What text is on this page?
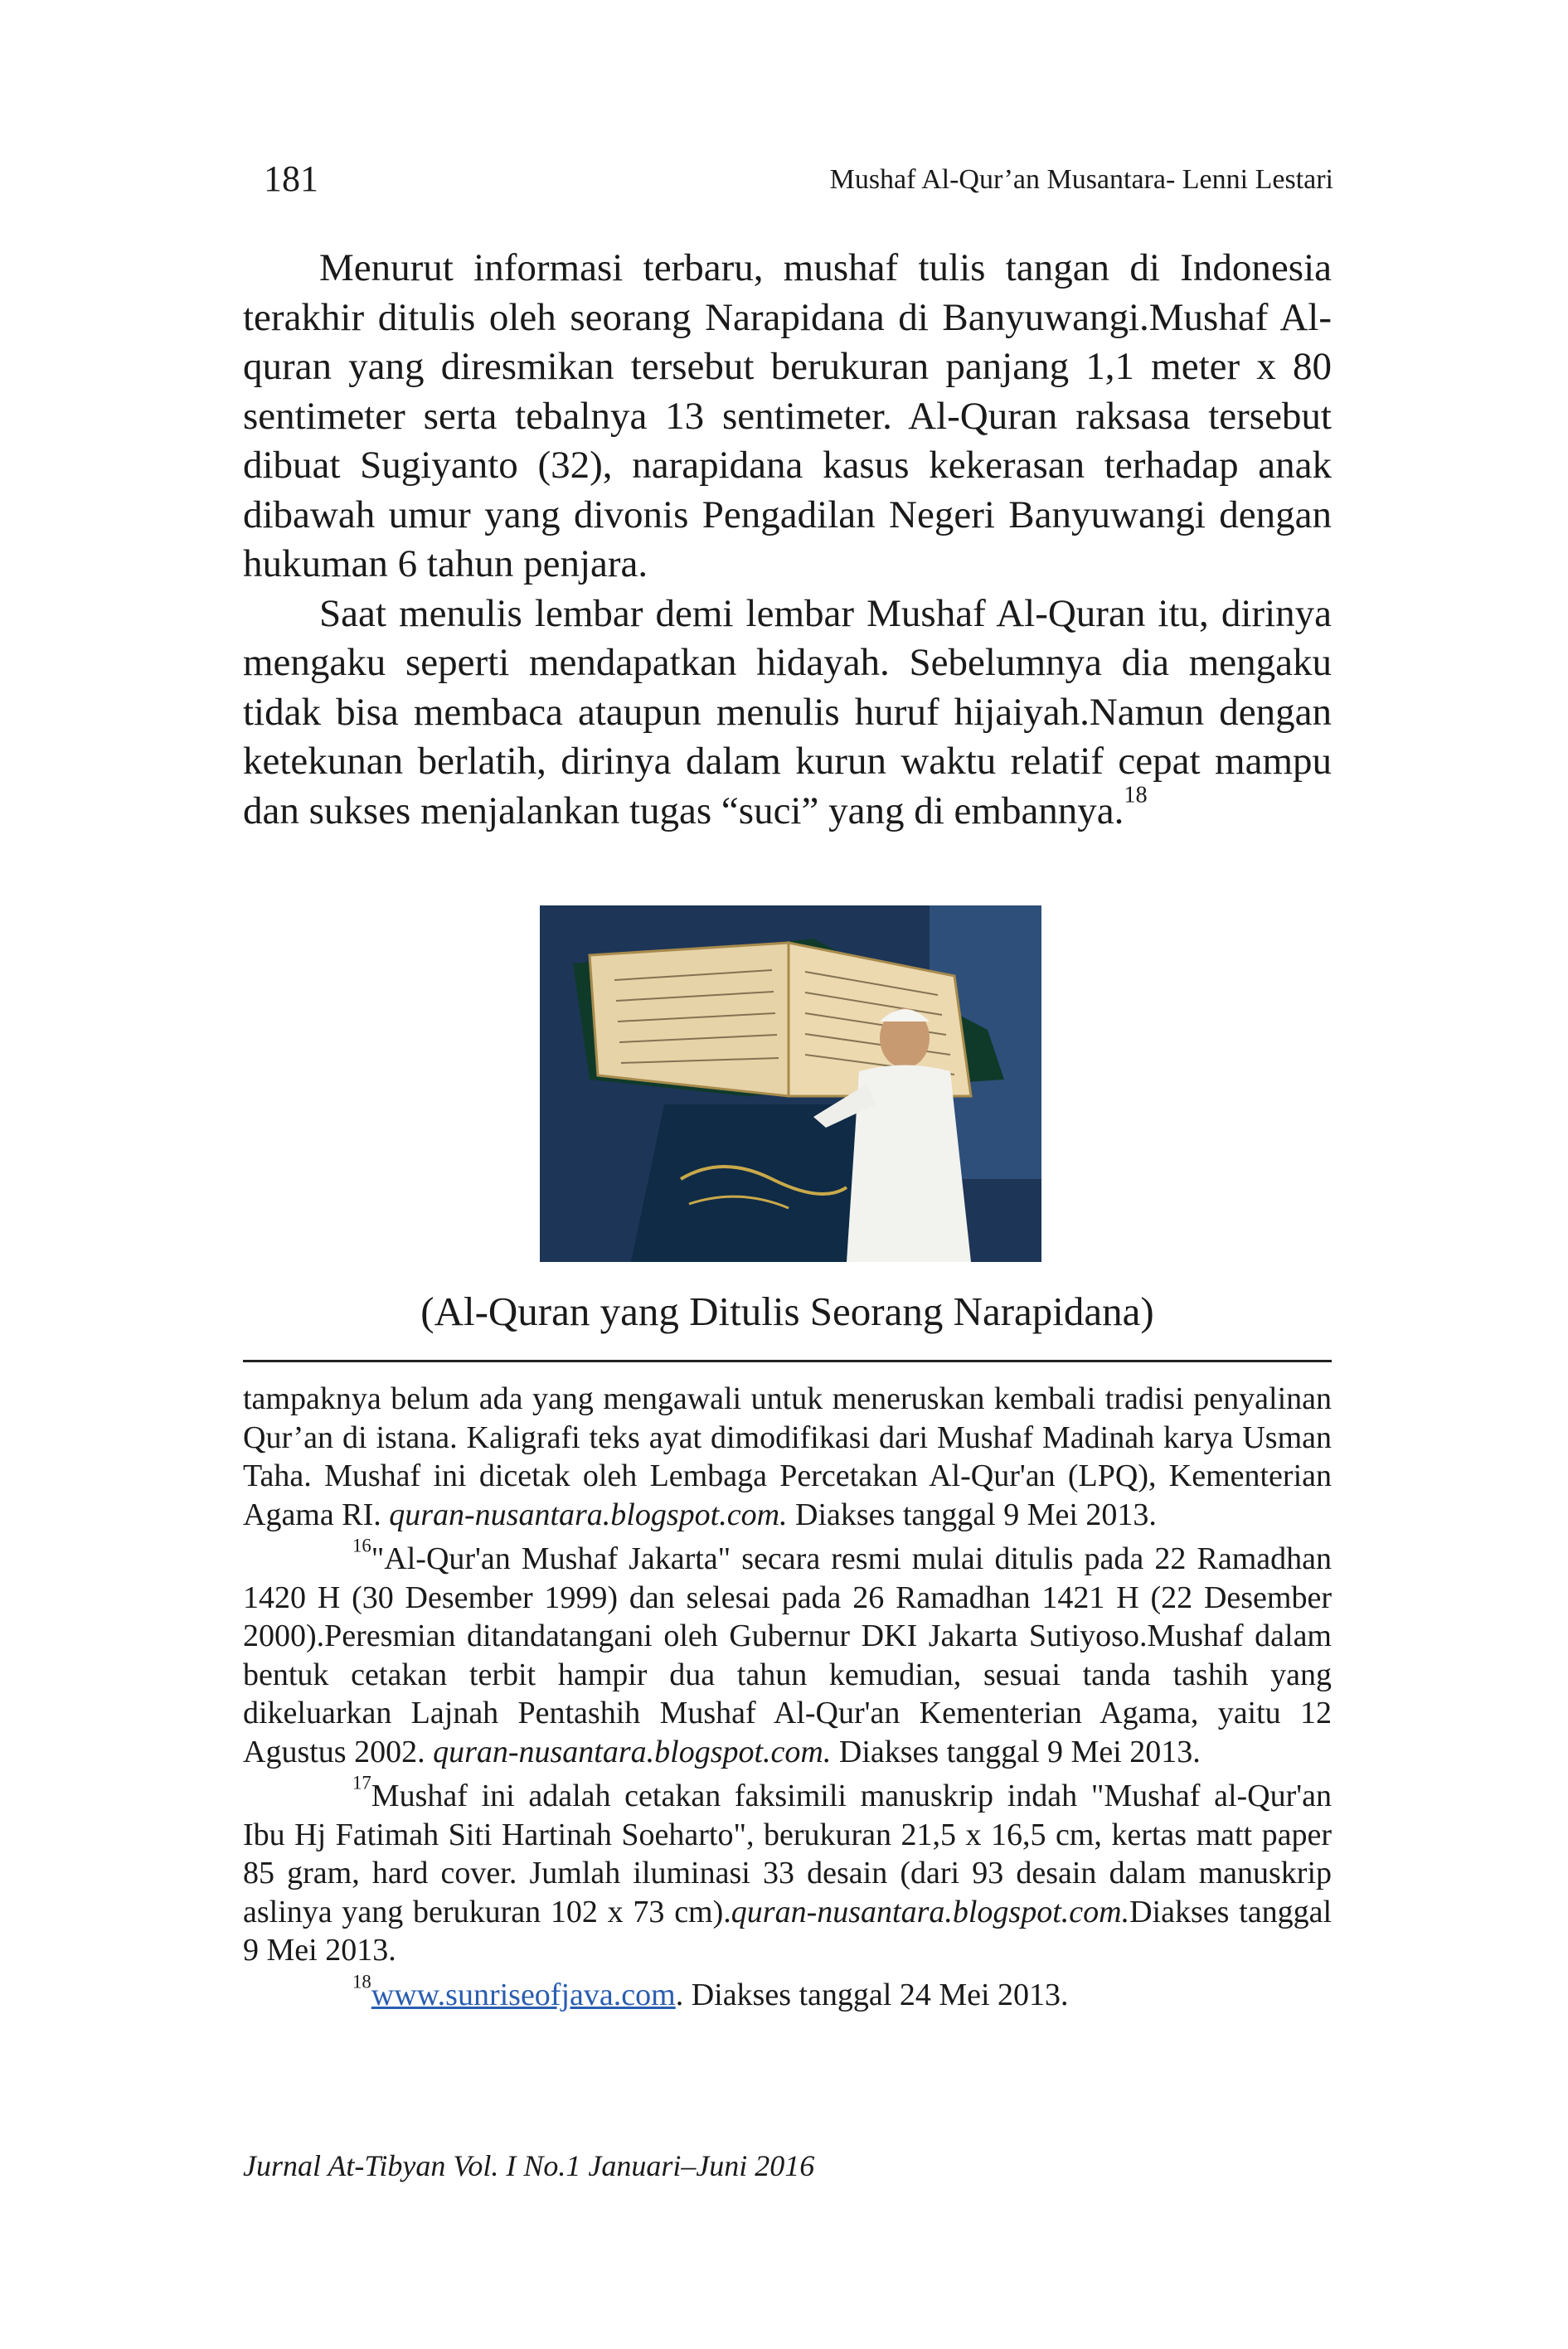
181	Mushaf Al-Qur’an Musantara- Lenni Lestari

Menurut informasi terbaru, mushaf tulis tangan di Indonesia terakhir ditulis oleh seorang Narapidana di Banyuwangi.Mushaf Al-quran yang diresmikan tersebut berukuran panjang 1,1 meter x 80 sentimeter serta tebalnya 13 sentimeter. Al-Quran raksasa tersebut dibuat Sugiyanto (32), narapidana kasus kekerasan terhadap anak dibawah umur yang divonis Pengadilan Negeri Banyuwangi dengan hukuman 6 tahun penjara.

Saat menulis lembar demi lembar Mushaf Al-Quran itu, dirinya mengaku seperti mendapatkan hidayah. Sebelumnya dia mengaku tidak bisa membaca ataupun menulis huruf hijaiyah.Namun dengan ketekunan berlatih, dirinya dalam kurun waktu relatif cepat mampu dan sukses menjalankan tugas “suci” yang di embannya.$^{18}$

(Al-Quran yang Ditulis Seorang Narapidana)

tampaknya belum ada yang mengawali untuk meneruskan kembali tradisi penyalinan Qur’an di istana. Kaligrafi teks ayat dimodifikasi dari Mushaf Madinah karya Usman Taha. Mushaf ini dicetak oleh Lembaga Percetakan Al-Qur'an (LPQ), Kementerian Agama RI. quran-nusantara.blogspot.com. Diakses tanggal 9 Mei 2013.

$^{16}$"Al-Qur'an Mushaf Jakarta" secara resmi mulai ditulis pada 22 Ramadhan 1420 H (30 Desember 1999) dan selesai pada 26 Ramadhan 1421 H (22 Desember 2000).Peresmian ditandatangani oleh Gubernur DKI Jakarta Sutiyoso.Mushaf dalam bentuk cetakan terbit hampir dua tahun kemudian, sesuai tanda tashih yang dikeluarkan Lajnah Pentashih Mushaf Al-Qur'an Kementerian Agama, yaitu 12 Agustus 2002. quran-nusantara.blogspot.com. Diakses tanggal 9 Mei 2013.

$^{17}$Mushaf ini adalah cetakan faksimili manuskrip indah "Mushaf al-Qur'an Ibu Hj Fatimah Siti Hartinah Soeharto", berukuran 21,5 x 16,5 cm, kertas matt paper 85 gram, hard cover. Jumlah iluminasi 33 desain (dari 93 desain dalam manuskrip aslinya yang berukuran 102 x 73 cm).quran-nusantara.blogspot.com.Diakses tanggal 9 Mei 2013.

$^{18}$www.sunriseofjava.com. Diakses tanggal 24 Mei 2013.

Jurnal At-Tibyan Vol. I No.1 Januari–Juni 2016
